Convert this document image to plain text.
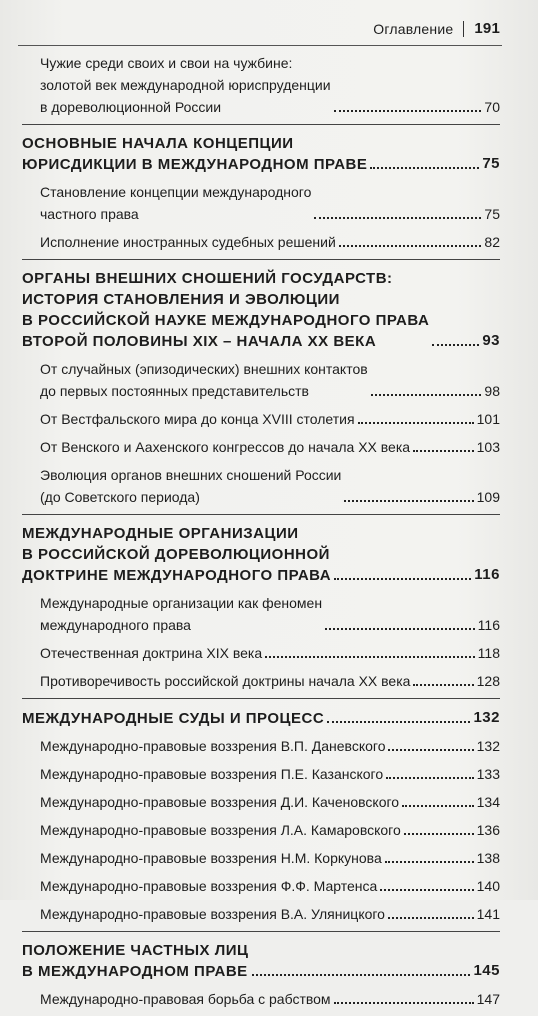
Оглавление 191
Чужие среди своих и свои на чужбине:
золотой век международной юриспруденции
в дореволюционной России	70
ОСНОВНЫЕ НАЧАЛА КОНЦЕПЦИИ
ЮРИСДИКЦИИ В МЕЖДУНАРОДНОМ ПРАВЕ	75
Становление концепции международного
частного права	75
Исполнение иностранных судебных решений	82
ОРГАНЫ ВНЕШНИХ СНОШЕНИЙ ГОСУДАРСТВ:
ИСТОРИЯ СТАНОВЛЕНИЯ И ЭВОЛЮЦИИ
В РОССИЙСКОЙ НАУКЕ МЕЖДУНАРОДНОГО ПРАВА
ВТОРОЙ ПОЛОВИНЫ XIX – НАЧАЛА XX ВЕКА	93
От случайных (эпизодических) внешних контактов
до первых постоянных представительств	98
От Вестфальского мира до конца XVIII столетия	101
От Венского и Аахенского конгрессов до начала XX века	103
Эволюция органов внешних сношений России
(до Советского периода)	109
МЕЖДУНАРОДНЫЕ ОРГАНИЗАЦИИ
В РОССИЙСКОЙ ДОРЕВОЛЮЦИОННОЙ
ДОКТРИНЕ МЕЖДУНАРОДНОГО ПРАВА	116
Международные организации как феномен
международного права	116
Отечественная доктрина XIX века	118
Противоречивость российской доктрины начала XX века	128
МЕЖДУНАРОДНЫЕ СУДЫ И ПРОЦЕСС	132
Международно-правовые воззрения В.П. Даневского	132
Международно-правовые воззрения П.Е. Казанского	133
Международно-правовые воззрения Д.И. Каченовского	134
Международно-правовые воззрения Л.А. Камаровского	136
Международно-правовые воззрения Н.М. Коркунова	138
Международно-правовые воззрения Ф.Ф. Мартенса	140
Международно-правовые воззрения В.А. Уляницкого	141
ПОЛОЖЕНИЕ ЧАСТНЫХ ЛИЦ
В МЕЖДУНАРОДНОМ ПРАВЕ	145
Международно-правовая борьба с рабством	147
